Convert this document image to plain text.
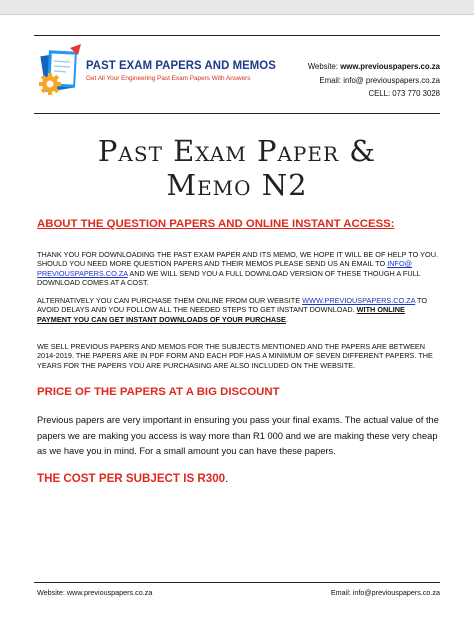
PAST EXAM PAPERS AND MEMOS
Get All Your Engineering Past Exam Papers With Answers
Website: www.previouspapers.co.za
Email: info@ previouspapers.co.za
CELL: 073 770 3028
Past Exam Paper &
Memo N2
ABOUT THE QUESTION PAPERS AND ONLINE INSTANT ACCESS:
THANK YOU FOR DOWNLOADING THE PAST EXAM PAPER AND ITS MEMO, WE HOPE IT WILL BE OF HELP TO YOU. SHOULD YOU NEED MORE QUESTION PAPERS AND THEIR MEMOS PLEASE SEND US AN EMAIL TO INFO@ PREVIOUSPAPERS.CO.ZA AND WE WILL SEND YOU A FULL DOWNLOAD VERSION OF THESE THOUGH A FULL DOWNLOAD COMES AT A COST.
ALTERNATIVELY YOU CAN PURCHASE THEM ONLINE FROM OUR WEBSITE WWW.PREVIOUSPAPERS.CO.ZA TO AVOID DELAYS AND YOU FOLLOW ALL THE NEEDED STEPS TO GET INSTANT DOWNLOAD. WITH ONLINE PAYMENT YOU CAN GET INSTANT DOWNLOADS OF YOUR PURCHASE.
WE SELL PREVIOUS PAPERS AND MEMOS FOR THE SUBJECTS MENTIONED AND THE PAPERS ARE BETWEEN 2014-2019. THE PAPERS ARE IN PDF FORM AND EACH PDF HAS A MINIMUM OF SEVEN DIFFERENT PAPERS. THE YEARS FOR THE PAPERS YOU ARE PURCHASING ARE ALSO INCLUDED ON THE WEBSITE.
PRICE OF THE PAPERS AT A BIG DISCOUNT
Previous papers are very important in ensuring you pass your final exams. The actual value of the papers we are making you access is way more than R1 000 and we are making these very cheap as we have you in mind. For a small amount you can have these papers.
THE COST PER SUBJECT IS R300.
Website: www.previouspapers.co.za	Email: info@previouspapers.co.za
